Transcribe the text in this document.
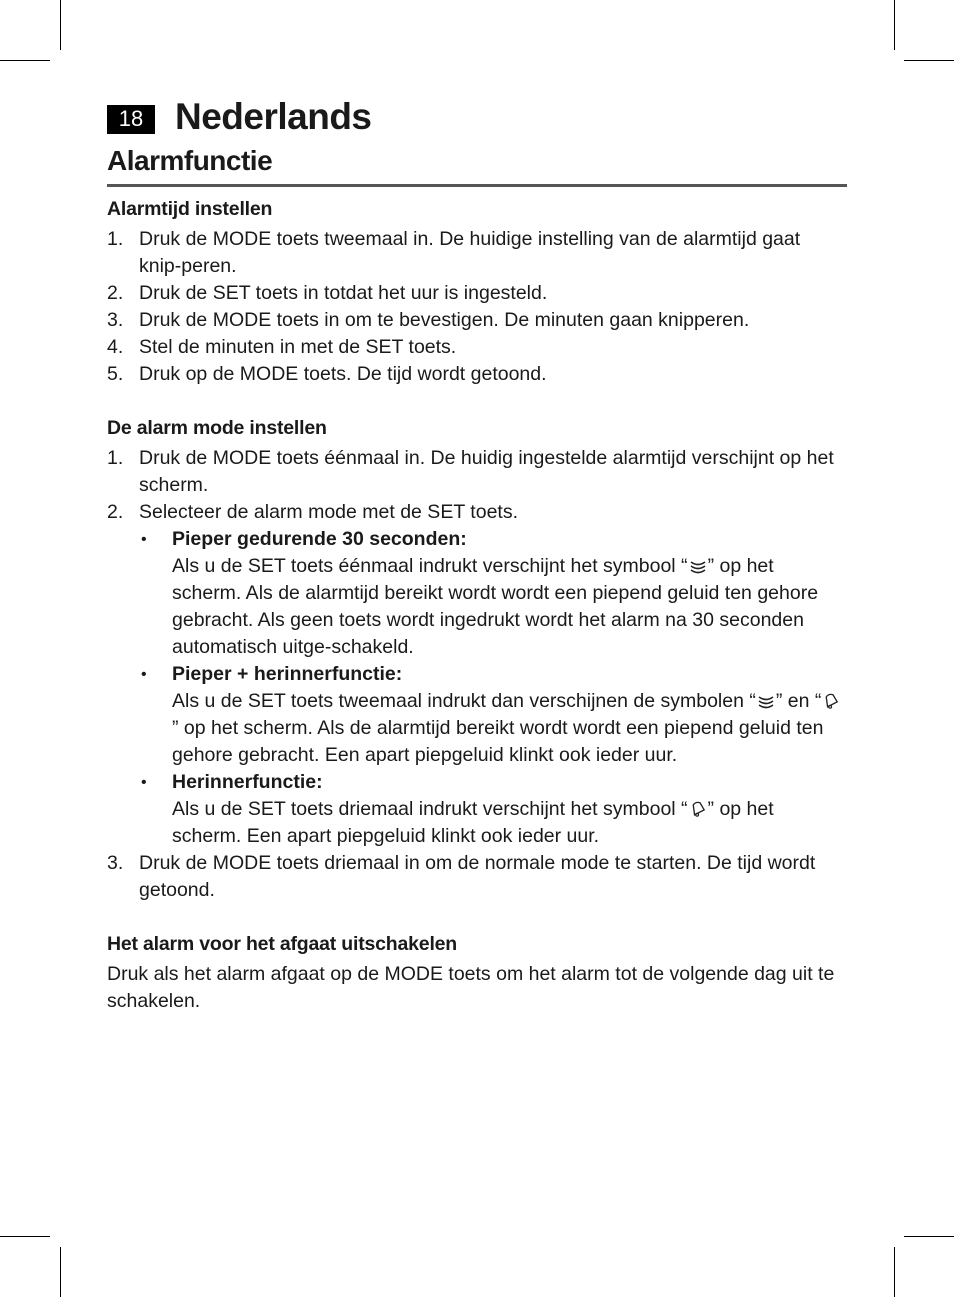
18 Nederlands
Alarmfunctie
Alarmtijd instellen
1. Druk de MODE toets tweemaal in. De huidige instelling van de alarmtijd gaat knip-peren.
2. Druk de SET toets in totdat het uur is ingesteld.
3. Druk de MODE toets in om te bevestigen. De minuten gaan knipperen.
4. Stel de minuten in met de SET toets.
5. Druk op de MODE toets. De tijd wordt getoond.
De alarm mode instellen
1. Druk de MODE toets éénmaal in. De huidig ingestelde alarmtijd verschijnt op het scherm.
2. Selecteer de alarm mode met de SET toets.
• Pieper gedurende 30 seconden:
Als u de SET toets éénmaal indrukt verschijnt het symbool “ ” op het scherm. Als de alarmtijd bereikt wordt wordt een piepend geluid ten gehore gebracht. Als geen toets wordt ingedrukt wordt het alarm na 30 seconden automatisch uitge-schakeld.
• Pieper + herinnerfunctie:
Als u de SET toets tweemaal indrukt dan verschijnen de symbolen “ ” en “
” op het scherm. Als de alarmtijd bereikt wordt wordt een piepend geluid ten gehore gebracht. Een apart piepgeluid klinkt ook ieder uur.
• Herinnerfunctie:
Als u de SET toets driemaal indrukt verschijnt het symbool “ ” op het scherm. Een apart piepgeluid klinkt ook ieder uur.
3. Druk de MODE toets driemaal in om de normale mode te starten. De tijd wordt getoond.
Het alarm voor het afgaat uitschakelen
Druk als het alarm afgaat op de MODE toets om het alarm tot de volgende dag uit te schakelen.
